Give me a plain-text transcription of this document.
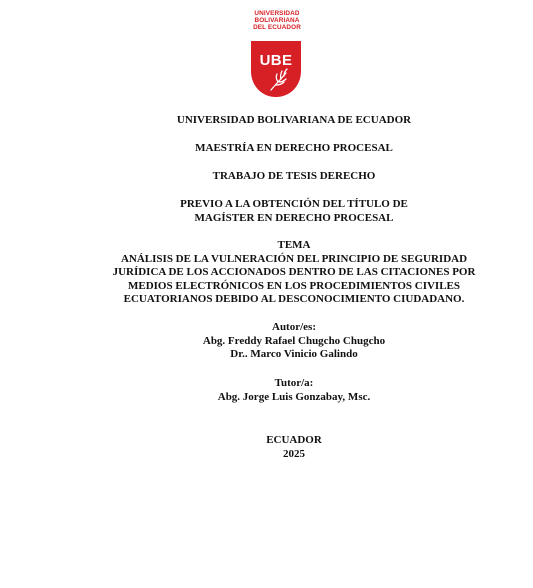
UNIVERSIDAD
BOLIVARIANA
DEL ECUADOR
UBE
UNIVERSIDAD BOLIVARIANA DE ECUADOR
MAESTRÍA EN DERECHO PROCESAL
TRABAJO DE TESIS DERECHO
PREVIO A LA OBTENCIÓN DEL TÍTULO DE
MAGÍSTER EN DERECHO PROCESAL
TEMA
ANÁLISIS DE LA VULNERACIÓN DEL PRINCIPIO DE SEGURIDAD
JURÍDICA DE LOS ACCIONADOS DENTRO DE LAS CITACIONES POR
MEDIOS ELECTRÓNICOS EN LOS PROCEDIMIENTOS CIVILES
ECUATORIANOS DEBIDO AL DESCONOCIMIENTO CIUDADANO.
Autor/es:
Abg. Freddy Rafael Chugcho Chugcho
Dr.. Marco Vinicio Galindo
Tutor/a:
Abg. Jorge Luis Gonzabay, Msc.
ECUADOR
2025
